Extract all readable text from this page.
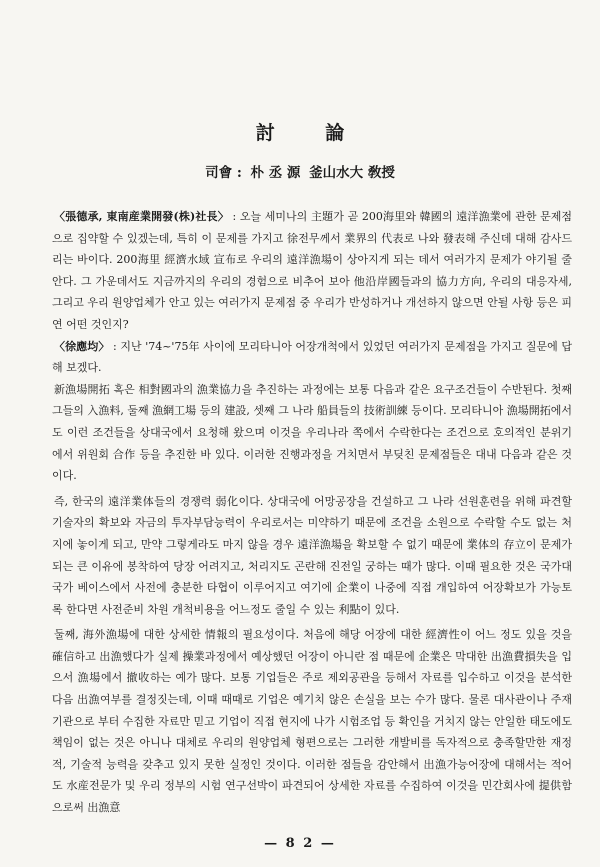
討 論
司會 : 朴 丞 源 釜山水大 敎授

〈張德承, 東南産業開發(株)社長〉 : 오늘 세미나의 主題가 곧 200海里와 韓國의 遠洋漁業에 관한 문제점으로 집약할 수 있겠는데, 특히 이 문제를 가지고 徐전무께서 業界의 代表로 나와 發表해 주신데 대해 감사드리는 바이다. 200海里 經濟水域 宣布로 우리의 遠洋漁場이 상아지게 되는 데서 여러가지 문제가 야기될 줄 안다. 그 가운데서도 지금까지의 우리의 경험으로 비추어 보아 他沿岸國들과의 協力方向, 우리의 대응자세, 그리고 우리 원양업체가 안고 있는 여러가지 문제점 중 우리가 반성하거나 개선하지 않으면 안될 사항 등은 피연 어떤 것인지?

〈徐應均〉 : 지난 '74~'75年 사이에 모리타니아 어장개척에서 있었던 여러가지 문제점을 가지고 질문에 답해 보겠다.

新漁場開拓 혹은 相對國과의 漁業協力을 추진하는 과정에는 보통 다음과 같은 요구조건들이 수반된다. 첫째 그들의 入漁料, 둘째 漁網工場 등의 建設, 셋째 그 나라 船員들의 技術訓練 등이다. 모리타니아 漁場開拓에서도 이런 조건들을 상대국에서 요청해 왔으며 이것을 우리나라 쪽에서 수락한다는 조건으로 호의적인 분위기에서 위원회 合作 등을 추진한 바 있다. 이러한 진행과정을 거치면서 부딪친 문제점들은 대내 다음과 같은 것이다.

즉, 한국의 遠洋業体들의 경쟁력 弱化이다. 상대국에 어망공장을 건설하고 그 나라 선원훈련을 위해 파견할 기술자의 확보와 자금의 투자부담능력이 우리로서는 미약하기 때문에 조건을 소원으로 수락할 수도 없는 처지에 놓이게 되고, 만약 그렇게라도 마지 않을 경우 遠洋漁場을 확보할 수 없기 때문에 業体의 存立이 문제가 되는 큰 이유에 봉착하여 당장 어려지고, 처리지도 곤란해 진전일 궁하는 때가 많다. 이때 필요한 것은 국가대 국가 베이스에서 사전에 충분한 타협이 이루어지고 여기에 企業이 나중에 직접 개입하여 어장확보가 가능토록 한다면 사전준비 차원 개척비용을 어느정도 줄일 수 있는 利點이 있다.

둘째, 海外漁場에 대한 상세한 情報의 필요성이다. 처음에 해당 어장에 대한 經濟性이 어느 정도 있을 것을 確信하고 出漁했다가 실제 操業과정에서 예상했던 어장이 아니란 점 때문에 企業은 막대한 出漁費損失을 입으서 漁場에서 撤收하는 예가 많다. 보통 기업들은 주로 제외공관을 등해서 자료를 입수하고 이것을 분석한 다음 出漁여부를 결정짓는데, 이때 때때로 기업은 예기치 않은 손실을 보는 수가 많다. 물론 대사관이나 주재기관으로 부터 수집한 자료만 믿고 기업이 직접 현지에 나가 시험조업 등 확인을 거치지 않는 안일한 태도에도 책임이 없는 것은 아니나 대체로 우리의 원양업체 형편으로는 그러한 개발비를 독자적으로 충족할만한 재정적, 기술적 능력을 갖추고 있지 못한 실정인 것이다. 이러한 점들을 감안해서 出漁가능어장에 대해서는 적어도 水産전문가 및 우리 정부의 시험 연구선박이 파견되어 상세한 자료를 수집하여 이것을 민간회사에 提供함으로써 出漁意

— 8 2 —
